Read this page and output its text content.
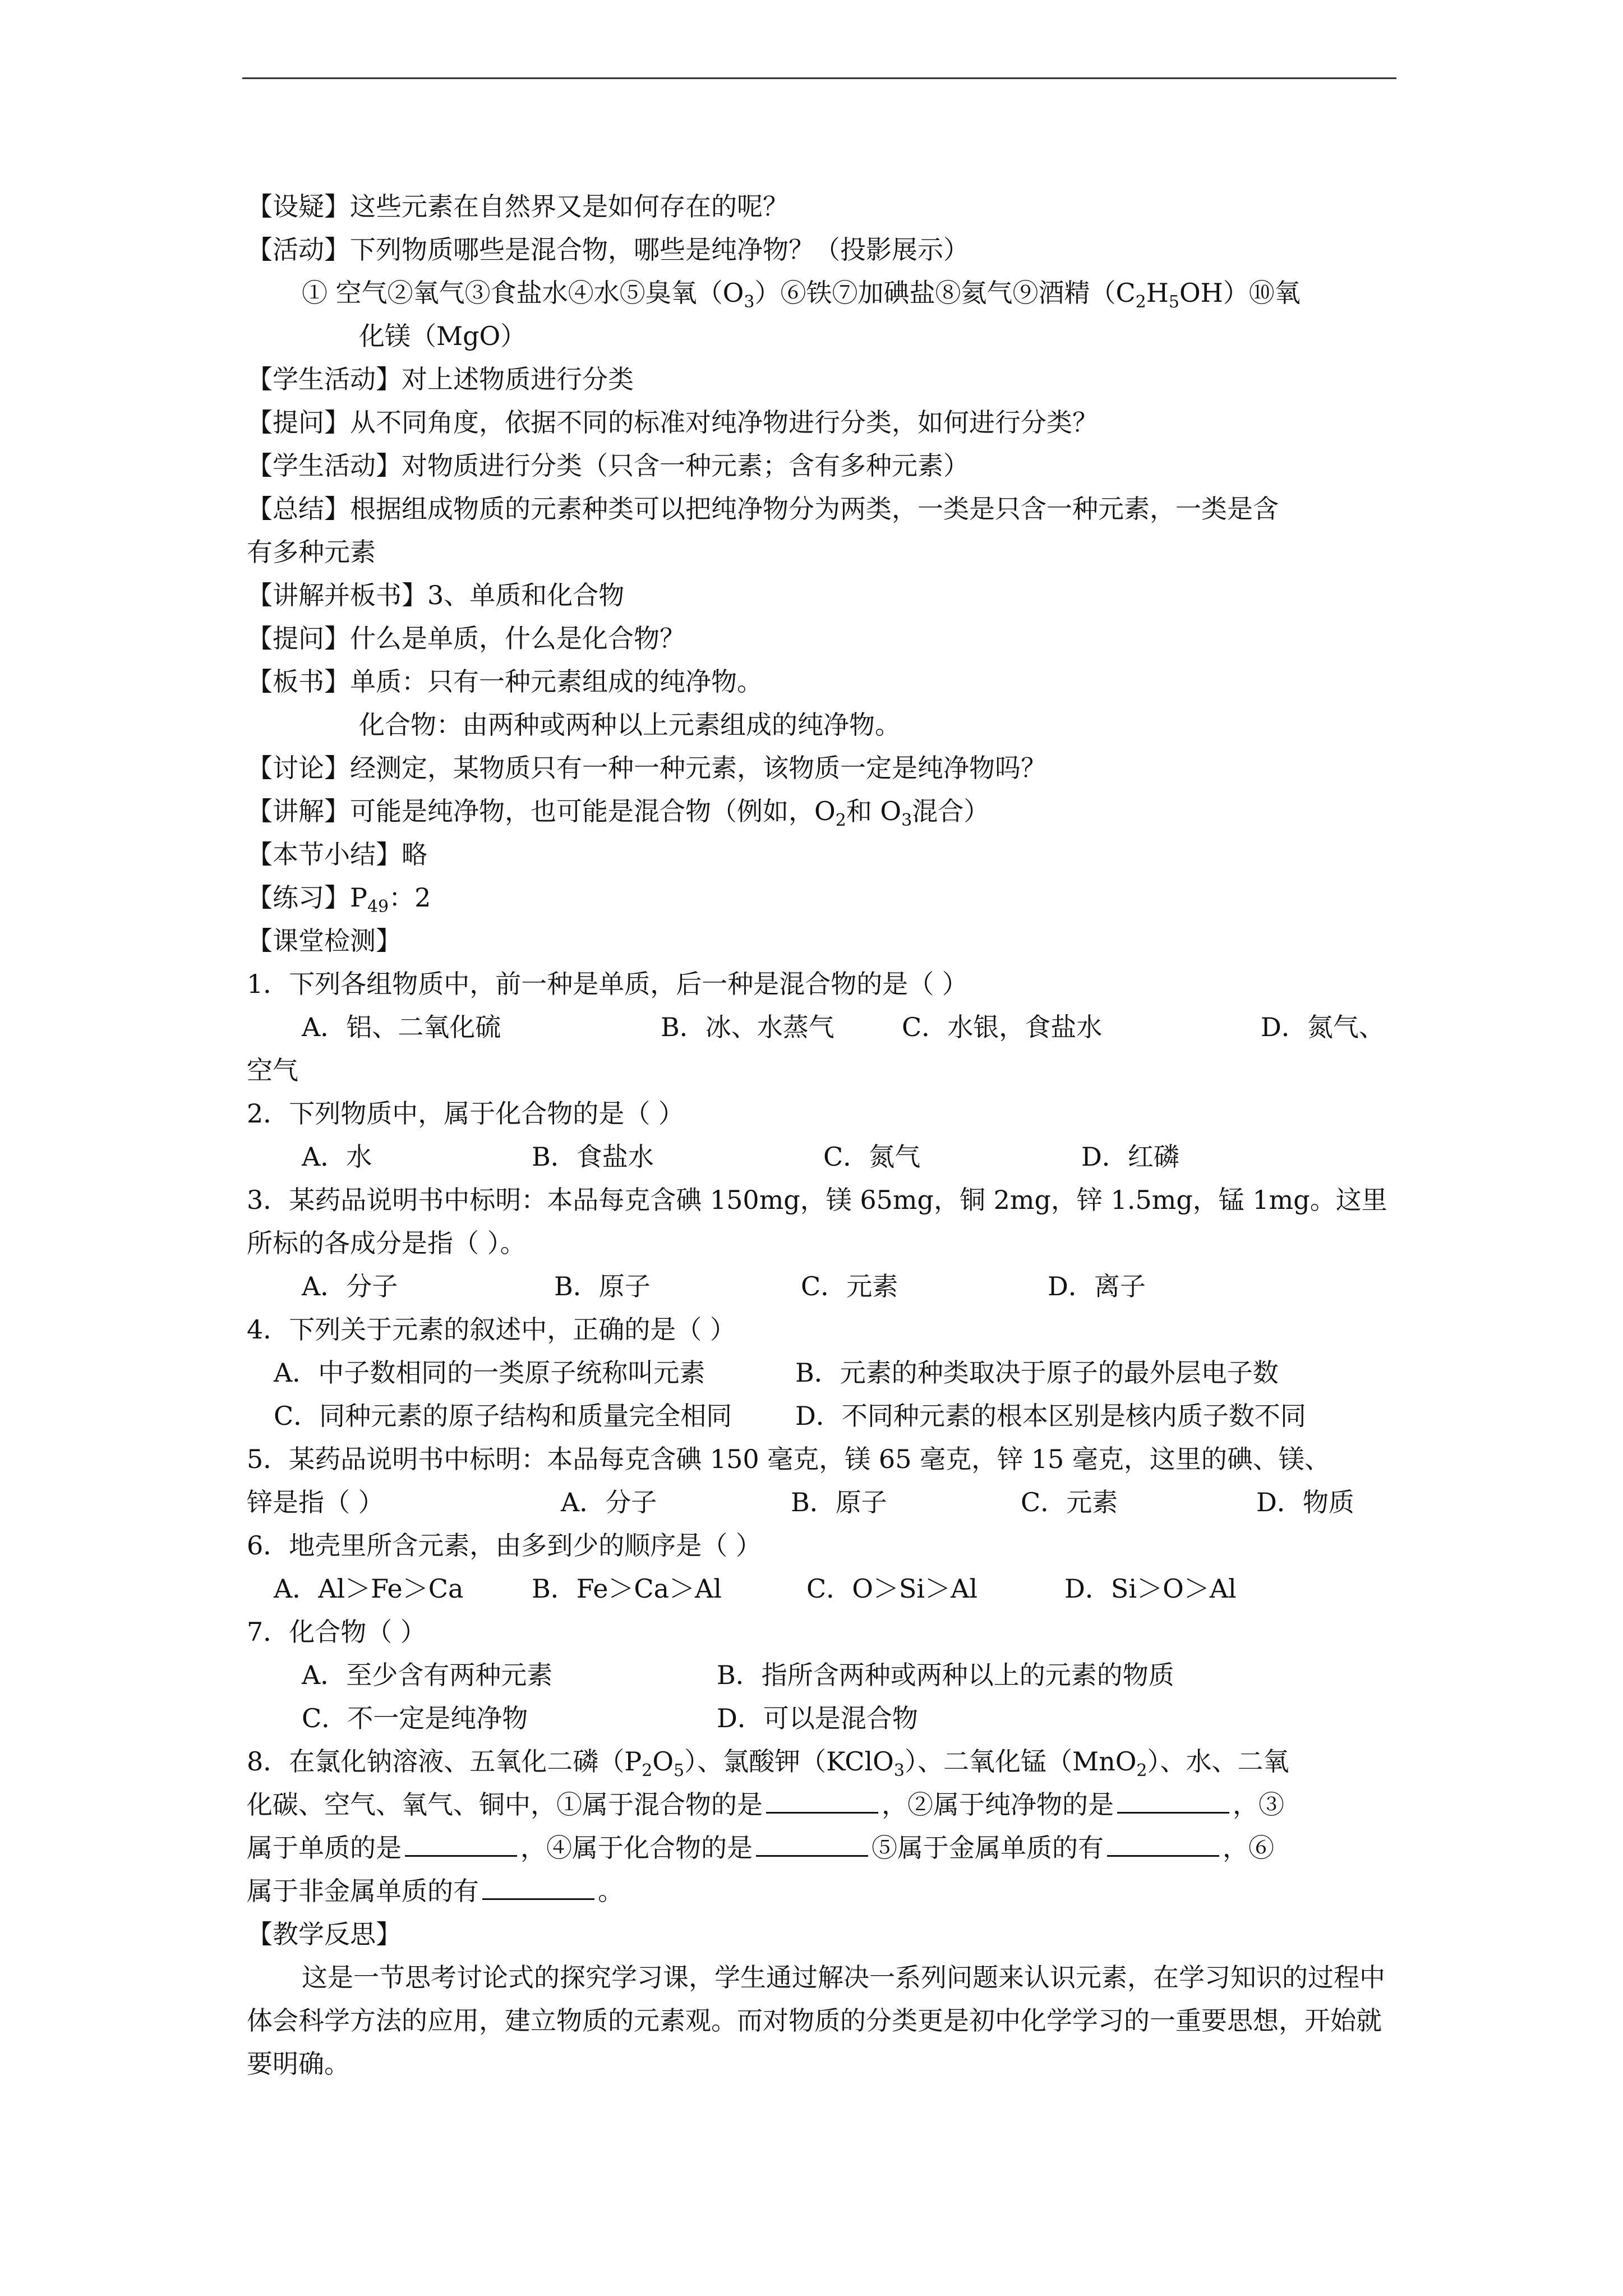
【设疑】这些元素在自然界又是如何存在的呢？
【活动】下列物质哪些是混合物，哪些是纯净物？（投影展示）
① 空气②氧气③食盐水④水⑤臭氧$(O_3)⑥$铁⑦加碘盐⑧氦气⑨酒精$(C_2H_5OH)⑩$氧
化镁（MgO）
【学生活动】对上述物质进行分类
【提问】从不同角度，依据不同的标准对纯净物进行分类，如何进行分类？
【学生活动】对物质进行分类（只含一种元素；含有多种元素）
【总结】根据组成物质的元素种类可以把纯净物分为两类，一类是只含一种元素，一类是含
有多种元素
【讲解并板书】3、单质和化合物
【提问】什么是单质，什么是化合物？
【板书】单质：只有一种元素组成的纯净物。
化合物：由两种或两种以上元素组成的纯净物。
【讨论】经测定，某物质只有一种一种元素，该物质一定是纯净物吗？
【讲解】可能是纯净物，也可能是混合物（例如，$O_2$和 $O_3$混合）
【本节小结】略
【练习】$P_{49}$：2
【课堂检测】
1．下列各组物质中，前一种是单质，后一种是混合物的是（ ）
A．铝、二氧化硫	B．冰、水蒸气	C．水银，食盐水	D．氮气、
空气
2．下列物质中，属于化合物的是（ ）
A．水	B．食盐水	C．氮气	D．红磷
3．某药品说明书中标明：本品每克含碘 150mg，镁 65mg，铜 2mg，锌 1.5mg，锰 1mg。这里
所标的各成分是指（ ）。
A．分子	B．原子	C．元素	D．离子
4．下列关于元素的叙述中，正确的是（ ）
A．中子数相同的一类原子统称叫元素	B．元素的种类取决于原子的最外层电子数
C．同种元素的原子结构和质量完全相同 D．不同种元素的根本区别是核内质子数不同
5．某药品说明书中标明：本品每克含碘 150 毫克，镁 65 毫克，锌 15 毫克，这里的碘、镁、
锌是指（ ）	A．分子	B．原子	C．元素	D．物质
6．地壳里所含元素，由多到少的顺序是（ ）
A．Al＞Fe＞Ca	B．Fe＞Ca＞Al	C．O＞Si＞Al	D．Si＞O＞Al
7．化合物（ ）
A．至少含有两种元素	B．指所含两种或两种以上的元素的物质
C．不一定是纯净物	D．可以是混合物
8．在氯化钠溶液、五氧化二磷$(P_2O_5)$、氯酸钾（KClO$_3$）、二氧化锰（MnO$_2$）、水、二氧
化碳、空气、氧气、铜中，①属于混合物的是	，②属于纯净物的是	，③
属于单质的是	，④属于化合物的是	⑤属于金属单质的有	，⑥
属于非金属单质的有	。
【教学反思】
这是一节思考讨论式的探究学习课，学生通过解决一系列问题来认识元素，在学习知识的过程中体会科学方法的应用，建立物质的元素观。而对物质的分类更是初中化学学习的一重要思想，开始就要明确。
